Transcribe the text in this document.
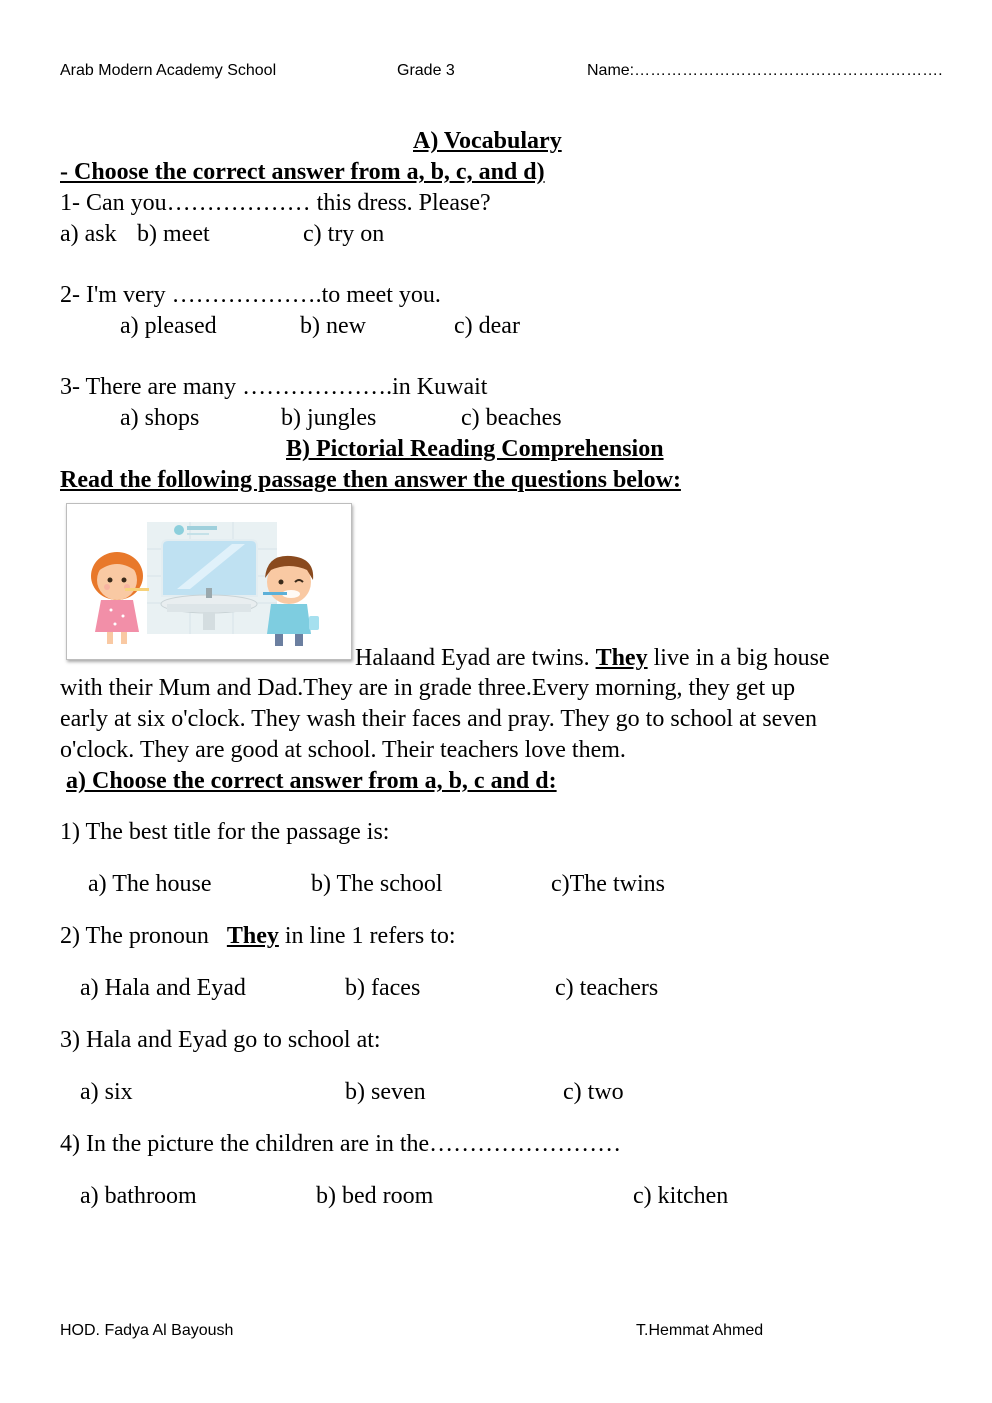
Arab Modern Academy School	Grade 3	Name:………………………………………………….
A) Vocabulary
- Choose the correct answer from a, b, c, and d)
1- Can you……………… this dress. Please?
a) ask b) meet	c) try on
2- I'm very ……………….to meet you.
a) pleased	b) new	c) dear
3- There are many ……………….in Kuwait
a) shops	b) jungles	c) beaches
B) Pictorial Reading Comprehension
Read the following passage then answer the questions below:
Halaand Eyad are twins. They live in a big house
with their Mum and Dad.They are in grade three.Every morning, they get up
early at six o'clock. They wash their faces and pray. They go to school at seven
o'clock. They are good at school. Their teachers love them.
a) Choose the correct answer from a, b, c and d:
1) The best title for the passage is:
a) The house	b) The school	c)The twins
2) The pronoun They in line 1 refers to:
a) Hala and Eyad	b) faces	c) teachers
3) Hala and Eyad go to school at:
a) six	b) seven	c) two
4) In the picture the children are in the……………………
a) bathroom	b) bed room	c) kitchen
HOD. Fadya Al Bayoush	T.Hemmat Ahmed
